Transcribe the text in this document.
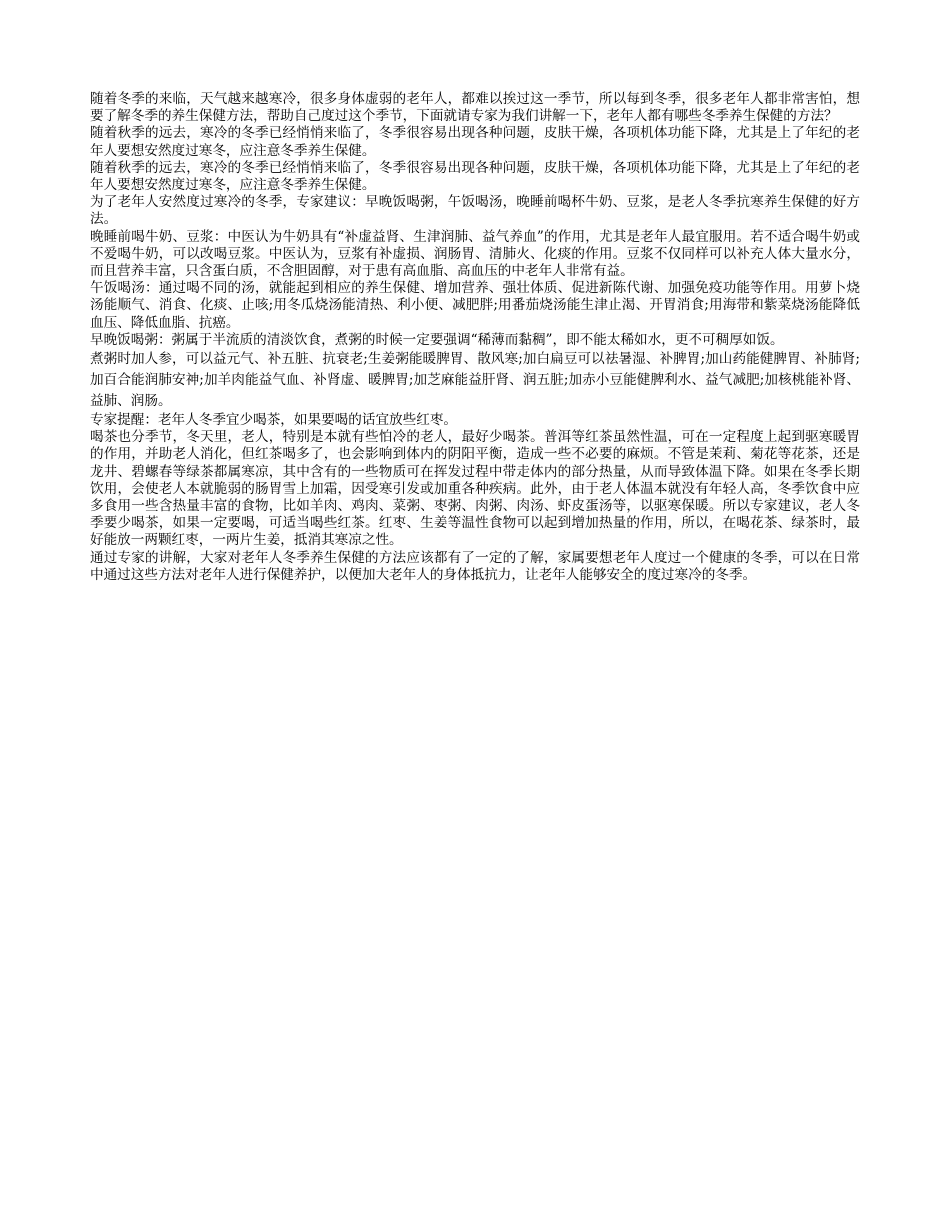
随着冬季的来临，天气越来越寒冷，很多身体虚弱的老年人，都难以挨过这一季节，所以每到冬季，很多老年人都非常害怕，想要了解冬季的养生保健方法，帮助自己度过这个季节，下面就请专家为我们讲解一下，老年人都有哪些冬季养生保健的方法？

随着秋季的远去，寒冷的冬季已经悄悄来临了，冬季很容易出现各种问题，皮肤干燥，各项机体功能下降，尤其是上了年纪的老年人要想安然度过寒冬，应注意冬季养生保健。

随着秋季的远去，寒冷的冬季已经悄悄来临了，冬季很容易出现各种问题，皮肤干燥，各项机体功能下降，尤其是上了年纪的老年人要想安然度过寒冬，应注意冬季养生保健。

为了老年人安然度过寒冷的冬季，专家建议：早晚饭喝粥，午饭喝汤，晚睡前喝杯牛奶、豆浆，是老人冬季抗寒养生保健的好方法。

晚睡前喝牛奶、豆浆：中医认为牛奶具有“补虚益肾、生津润肺、益气养血”的作用，尤其是老年人最宜服用。若不适合喝牛奶或不爱喝牛奶，可以改喝豆浆。中医认为，豆浆有补虚损、润肠胃、清肺火、化痰的作用。豆浆不仅同样可以补充人体大量水分，而且营养丰富，只含蛋白质，不含胆固醇，对于患有高血脂、高血压的中老年人非常有益。

午饭喝汤：通过喝不同的汤，就能起到相应的养生保健、增加营养、强壮体质、促进新陈代谢、加强免疫功能等作用。用萝卜烧汤能顺气、消食、化痰、止咳;用冬瓜烧汤能清热、利小便、减肥胖;用番茄烧汤能生津止渴、开胃消食;用海带和紫菜烧汤能降低血压、降低血脂、抗癌。

早晚饭喝粥：粥属于半流质的清淡饮食，煮粥的时候一定要强调“稀薄而黏稠”，即不能太稀如水，更不可稠厚如饭。

煮粥时加人参，可以益元气、补五脏、抗衰老;生姜粥能暖脾胃、散风寒;加白扁豆可以祛暑湿、补脾胃;加山药能健脾胃、补肺肾;加百合能润肺安神;加羊肉能益气血、补肾虚、暖脾胃;加芝麻能益肝肾、润五脏;加赤小豆能健脾利水、益气减肥;加核桃能补肾、益肺、润肠。

专家提醒：老年人冬季宜少喝茶，如果要喝的话宜放些红枣。

喝茶也分季节，冬天里，老人，特别是本就有些怕冷的老人，最好少喝茶。普洱等红茶虽然性温，可在一定程度上起到驱寒暖胃的作用，并助老人消化，但红茶喝多了，也会影响到体内的阴阳平衡，造成一些不必要的麻烦。不管是茉莉、菊花等花茶，还是龙井、碧螺春等绿茶都属寒凉，其中含有的一些物质可在挥发过程中带走体内的部分热量，从而导致体温下降。如果在冬季长期饮用，会使老人本就脆弱的肠胃雪上加霜，因受寒引发或加重各种疾病。此外，由于老人体温本就没有年轻人高，冬季饮食中应多食用一些含热量丰富的食物，比如羊肉、鸡肉、菜粥、枣粥、肉粥、肉汤、虾皮蛋汤等，以驱寒保暖。所以专家建议，老人冬季要少喝茶，如果一定要喝，可适当喝些红茶。红枣、生姜等温性食物可以起到增加热量的作用，所以，在喝花茶、绿茶时，最好能放一两颗红枣，一两片生姜，抵消其寒凉之性。

通过专家的讲解，大家对老年人冬季养生保健的方法应该都有了一定的了解，家属要想老年人度过一个健康的冬季，可以在日常中通过这些方法对老年人进行保健养护，以便加大老年人的身体抵抗力，让老年人能够安全的度过寒冷的冬季。
